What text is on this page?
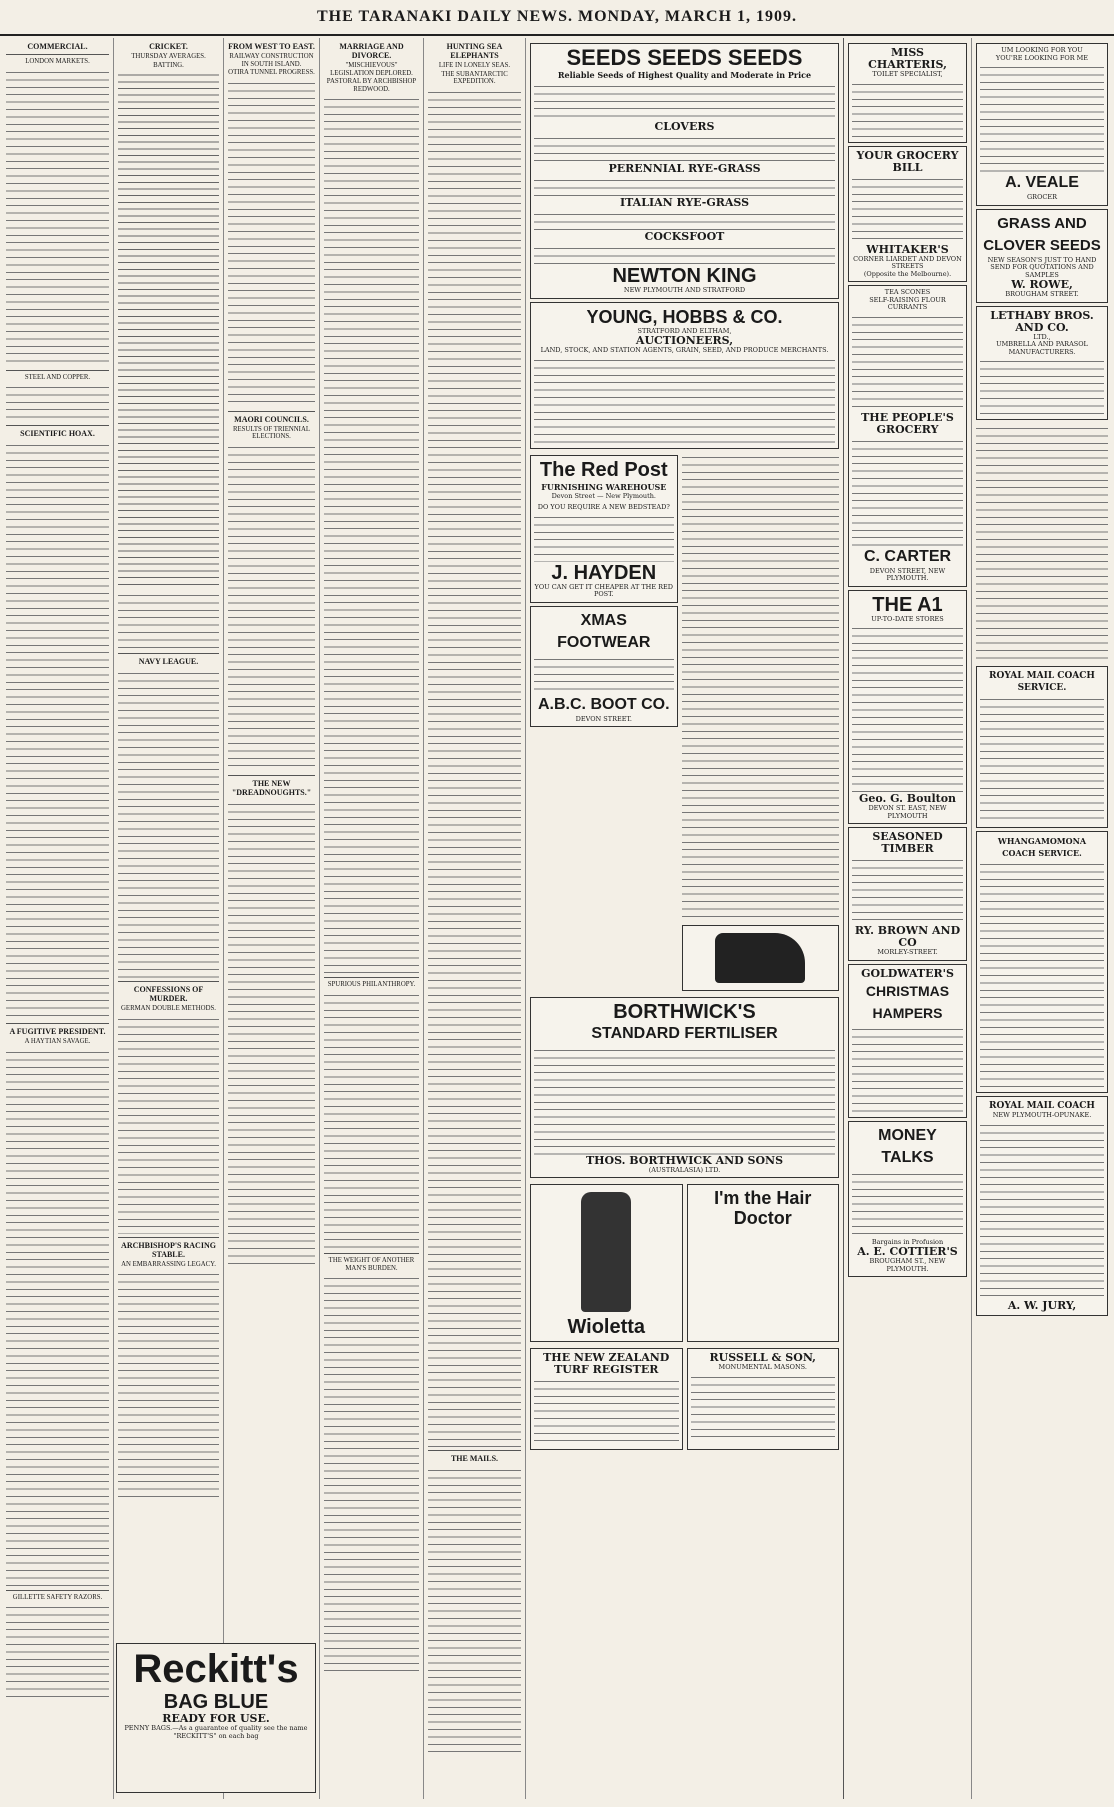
THE TARANAKI DAILY NEWS. MONDAY, MARCH 1, 1909.
COMMERCIAL.
LONDON MARKETS.
STEEL AND COPPER.
SCIENTIFIC HOAX.
A FUGITIVE PRESIDENT.
A HAYTIAN SAVAGE.
GILLETTE SAFETY RAZORS.
CRICKET.
THURSDAY AVERAGES.
BATTING.
NAVY LEAGUE.
CONFESSIONS OF MURDER.
GERMAN DOUBLE METHODS.
ARCHBISHOP'S RACING STABLE.
AN EMBARRASSING LEGACY.
FROM WEST TO EAST.
RAILWAY CONSTRUCTION IN SOUTH ISLAND.
OTIRA TUNNEL PROGRESS.
MAORI COUNCILS.
RESULTS OF TRIENNIAL ELECTIONS.
THE NEW "DREADNOUGHTS."
MARRIAGE AND DIVORCE.
"MISCHIEVOUS" LEGISLATION DEPLORED.
PASTORAL BY ARCHBISHOP REDWOOD.
SPURIOUS PHILANTHROPY.
THE WEIGHT OF ANOTHER MAN'S BURDEN.
HUNTING SEA ELEPHANTS
LIFE IN LONELY SEAS.
THE SUBANTARCTIC EXPEDITION.
THE MAILS.
SEEDS SEEDS SEEDS
Reliable Seeds of Highest Quality and Moderate in Price
CLOVERS
PERENNIAL RYE-GRASS
ITALIAN RYE-GRASS
COCKSFOOT
NEWTON KING
NEW PLYMOUTH AND STRATFORD
YOUNG, HOBBS & CO.
STRATFORD AND ELTHAM,
AUCTIONEERS,
LAND, STOCK, AND STATION AGENTS, GRAIN, SEED, AND PRODUCE MERCHANTS.
The Red Post
FURNISHING WAREHOUSE
Devon Street — New Plymouth.
DO YOU REQUIRE A NEW BEDSTEAD?
J. HAYDEN
YOU CAN GET IT CHEAPER AT THE RED POST.
XMAS FOOTWEAR
A.B.C. BOOT CO.
DEVON STREET.
BORTHWICK'S
STANDARD FERTILISER
THOS. BORTHWICK AND SONS
(AUSTRALASIA) LTD.
Wioletta
I'm the Hair Doctor
THE NEW ZEALAND TURF REGISTER
RUSSELL & SON,
MONUMENTAL MASONS.
Reckitt's
BAG BLUE
READY FOR USE.
PENNY BAGS.—As a guarantee of quality see the name "RECKITT'S" on each bag
MISS CHARTERIS,
TOILET SPECIALIST,
YOUR GROCERY BILL
WHITAKER'S
CORNER LIARDET AND DEVON STREETS
(Opposite the Melbourne).
TEA SCONES
SELF-RAISING FLOUR
CURRANTS
THE PEOPLE'S GROCERY
C. CARTER
DEVON STREET, NEW PLYMOUTH.
THE A1
UP-TO-DATE STORES
Geo. G. Boulton
DEVON ST. EAST, NEW PLYMOUTH
SEASONED TIMBER
RY. BROWN AND CO
MORLEY-STREET.
GOLDWATER'S
CHRISTMAS HAMPERS
MONEY TALKS
Bargains in Profusion
A. E. COTTIER'S
BROUGHAM ST., NEW PLYMOUTH.
UM LOOKING FOR YOU
YOU'RE LOOKING FOR ME
A. VEALE
GROCER
GRASS AND CLOVER SEEDS
NEW SEASON'S JUST TO HAND
SEND FOR QUOTATIONS AND SAMPLES
W. ROWE,
BROUGHAM STREET.
LETHABY BROS. AND CO.
LTD.,
UMBRELLA AND PARASOL MANUFACTURERS.
ROYAL MAIL COACH SERVICE.
WHANGAMOMONA COACH SERVICE.
ROYAL MAIL COACH
NEW PLYMOUTH-OPUNAKE.
A. W. JURY,
